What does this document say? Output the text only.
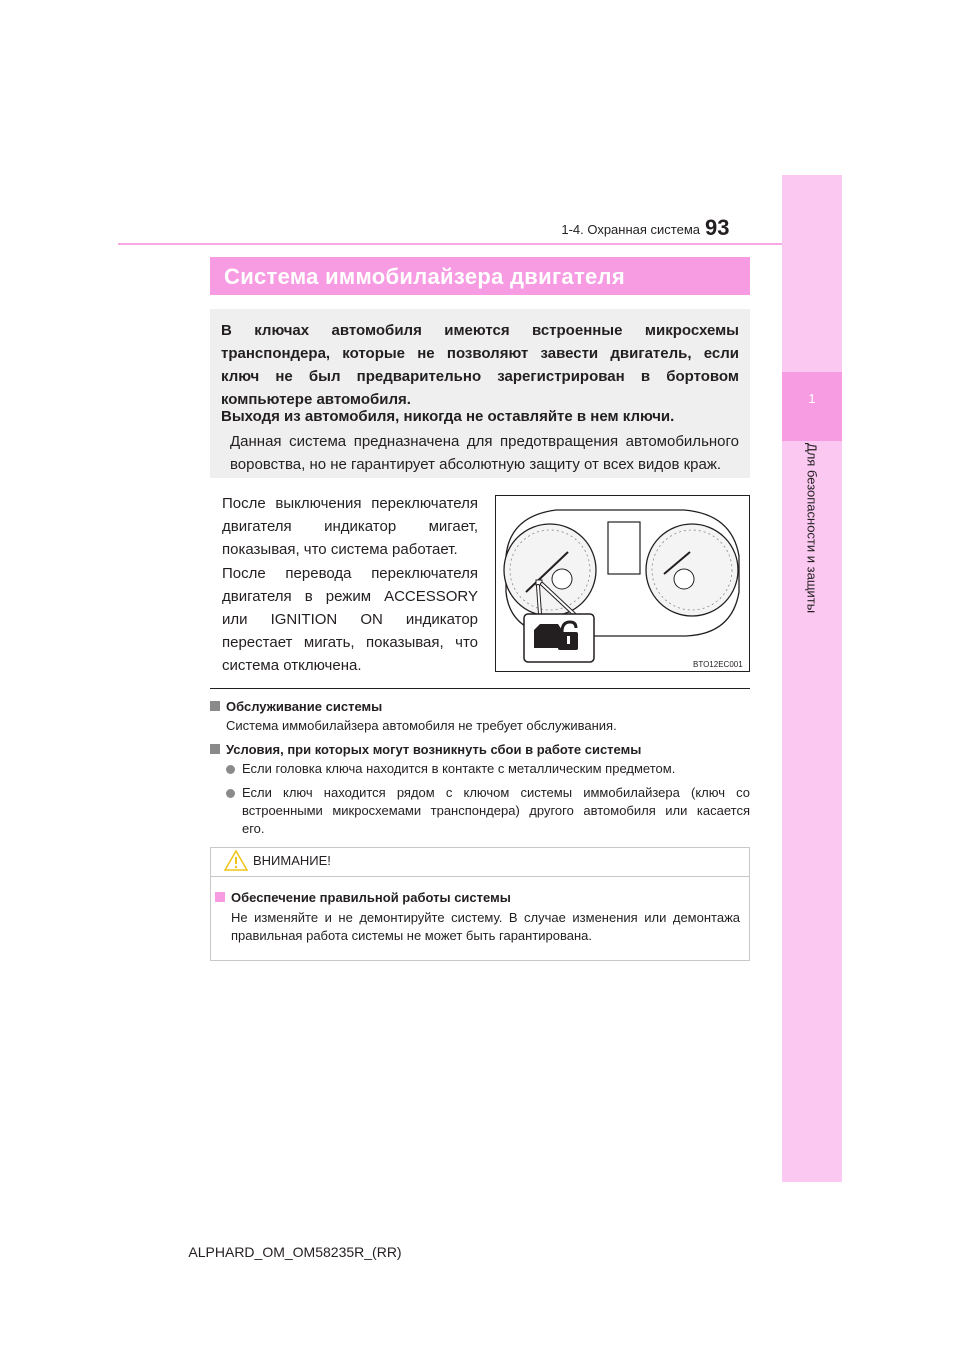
1
Для безопасности и защиты
1-4. Охранная система 93
Система иммобилайзера двигателя
В ключах автомобиля имеются встроенные микросхемы
транспондера, которые не позволяют завести двигатель, если
ключ не был предварительно зарегистрирован в бортовом
компьютере автомобиля.
Выходя из автомобиля, никогда не оставляйте в нем ключи.
Данная система предназначена для предотвращения автомобильного
воровства, но не гарантирует абсолютную защиту от всех видов краж.
После выключения переключателя
двигателя индикатор мигает,
показывая, что система работает.
После перевода переключателя
двигателя в режим ACCESSORY
или IGNITION ON индикатор
перестает мигать, показывая, что
система отключена.	BTO12EC001
Обслуживание системы
Система иммобилайзера автомобиля не требует обслуживания.
Условия, при которых могут возникнуть сбои в работе системы
Если головка ключа находится в контакте с металлическим предметом.
Если ключ находится рядом с ключом системы иммобилайзера (ключ со
встроенными микросхемами транспондера) другого автомобиля или касается
его.
ВНИМАНИЕ!
Обеспечение правильной работы системы
Не изменяйте и не демонтируйте систему. В случае изменения или демонтажа
правильная работа системы не может быть гарантирована.
ALPHARD_OM_OM58235R_(RR)
